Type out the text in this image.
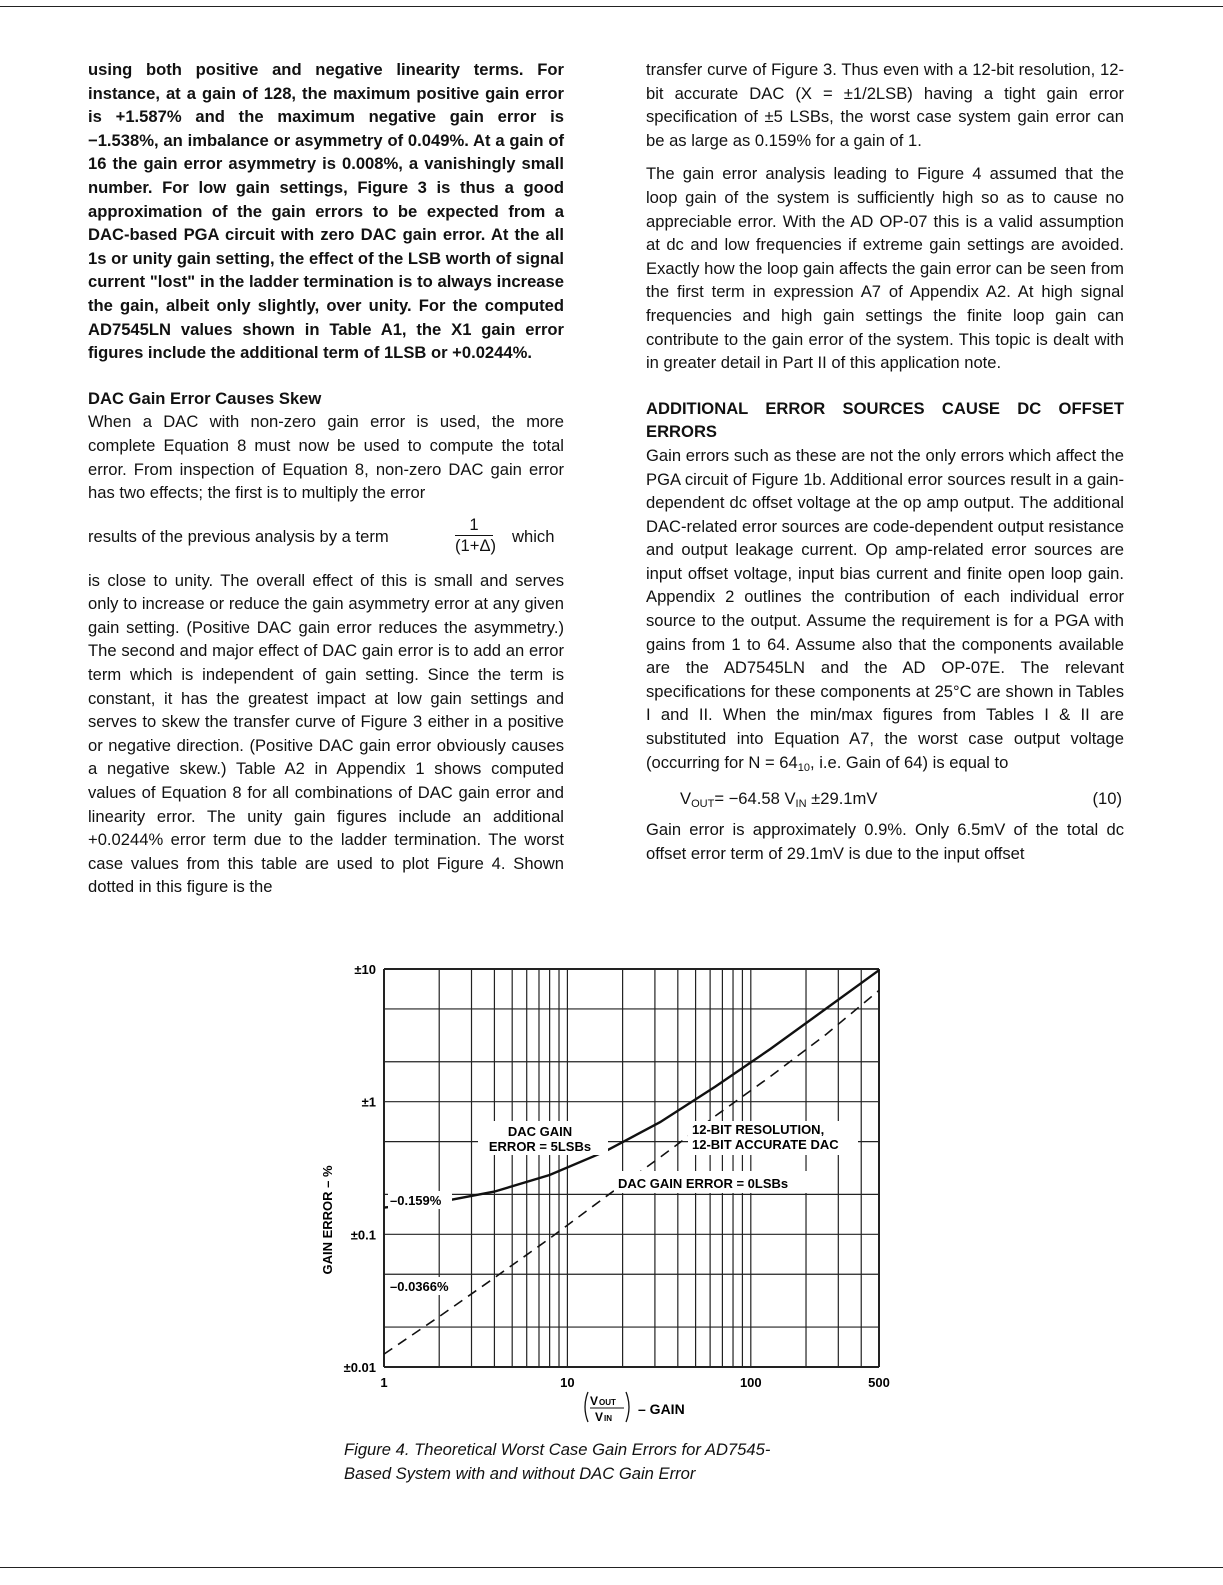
using both positive and negative linearity terms. For instance, at a gain of 128, the maximum positive gain error is +1.587% and the maximum negative gain error is −1.538%, an imbalance or asymmetry of 0.049%. At a gain of 16 the gain error asymmetry is 0.008%, a vanishingly small number. For low gain settings, Figure 3 is thus a good approximation of the gain errors to be expected from a DAC-based PGA circuit with zero DAC gain error. At the all 1s or unity gain setting, the effect of the LSB worth of signal current "lost" in the ladder termination is to always increase the gain, albeit only slightly, over unity. For the computed AD7545LN values shown in Table A1, the X1 gain error figures include the additional term of 1LSB or +0.0244%.

DAC Gain Error Causes Skew

When a DAC with non-zero gain error is used, the more complete Equation 8 must now be used to compute the total error. From inspection of Equation 8, non-zero DAC gain error has two effects; the first is to multiply the error

results of the previous analysis by a term	$\frac{1}{(1+\Delta)}$ which

is close to unity. The overall effect of this is small and serves only to increase or reduce the gain asymmetry error at any given gain setting. (Positive DAC gain error reduces the asymmetry.) The second and major effect of DAC gain error is to add an error term which is independent of gain setting. Since the term is constant, it has the greatest impact at low gain settings and serves to skew the transfer curve of Figure 3 either in a positive or negative direction. (Positive DAC gain error obviously causes a negative skew.) Table A2 in Appendix 1 shows computed values of Equation 8 for all combinations of DAC gain error and linearity error. The unity gain figures include an additional +0.0244% error term due to the ladder termination. The worst case values from this table are used to plot Figure 4. Shown dotted in this figure is the

transfer curve of Figure 3. Thus even with a 12-bit resolution, 12-bit accurate DAC (X = ±1/2LSB) having a tight gain error specification of ±5 LSBs, the worst case system gain error can be as large as 0.159% for a gain of 1.

The gain error analysis leading to Figure 4 assumed that the loop gain of the system is sufficiently high so as to cause no appreciable error. With the AD OP-07 this is a valid assumption at dc and low frequencies if extreme gain settings are avoided. Exactly how the loop gain affects the gain error can be seen from the first term in expression A7 of Appendix A2. At high signal frequencies and high gain settings the finite loop gain can contribute to the gain error of the system. This topic is dealt with in greater detail in Part II of this application note.

ADDITIONAL ERROR SOURCES CAUSE DC OFFSET ERRORS

Gain errors such as these are not the only errors which affect the PGA circuit of Figure 1b. Additional error sources result in a gain-dependent dc offset voltage at the op amp output. The additional DAC-related error sources are code-dependent output resistance and output leakage current. Op amp-related error sources are input offset voltage, input bias current and finite open loop gain. Appendix 2 outlines the contribution of each individual error source to the output. Assume the requirement is for a PGA with gains from 1 to 64. Assume also that the components available are the AD7545LN and the AD OP-07E. The relevant specifications for these components at 25°C are shown in Tables I and II. When the min/max figures from Tables I & II are substituted into Equation A7, the worst case output voltage (occurring for $N = 64_{10}$, i.e. Gain of 64) is equal to

$V_{OUT}= -64.58$ $V_{IN} \pm 29.1mV$	(10)

Gain error is approximately 0.9%. Only 6.5mV of the total dc offset error term of 29.1mV is due to the input offset

DAC GAIN
ERROR = 5LSBs
12-BIT RESOLUTION,
12-BIT ACCURATE DAC
DAC GAIN ERROR = 0LSBs
–0.159%
–0.0366%
1	10	100	500
±0.01
±0.1
±1
±10
GAIN ERROR – %
V OUT
V IN
– GAIN
Figure 4. Theoretical Worst Case Gain Errors for AD7545-
Based System with and without DAC Gain Error
